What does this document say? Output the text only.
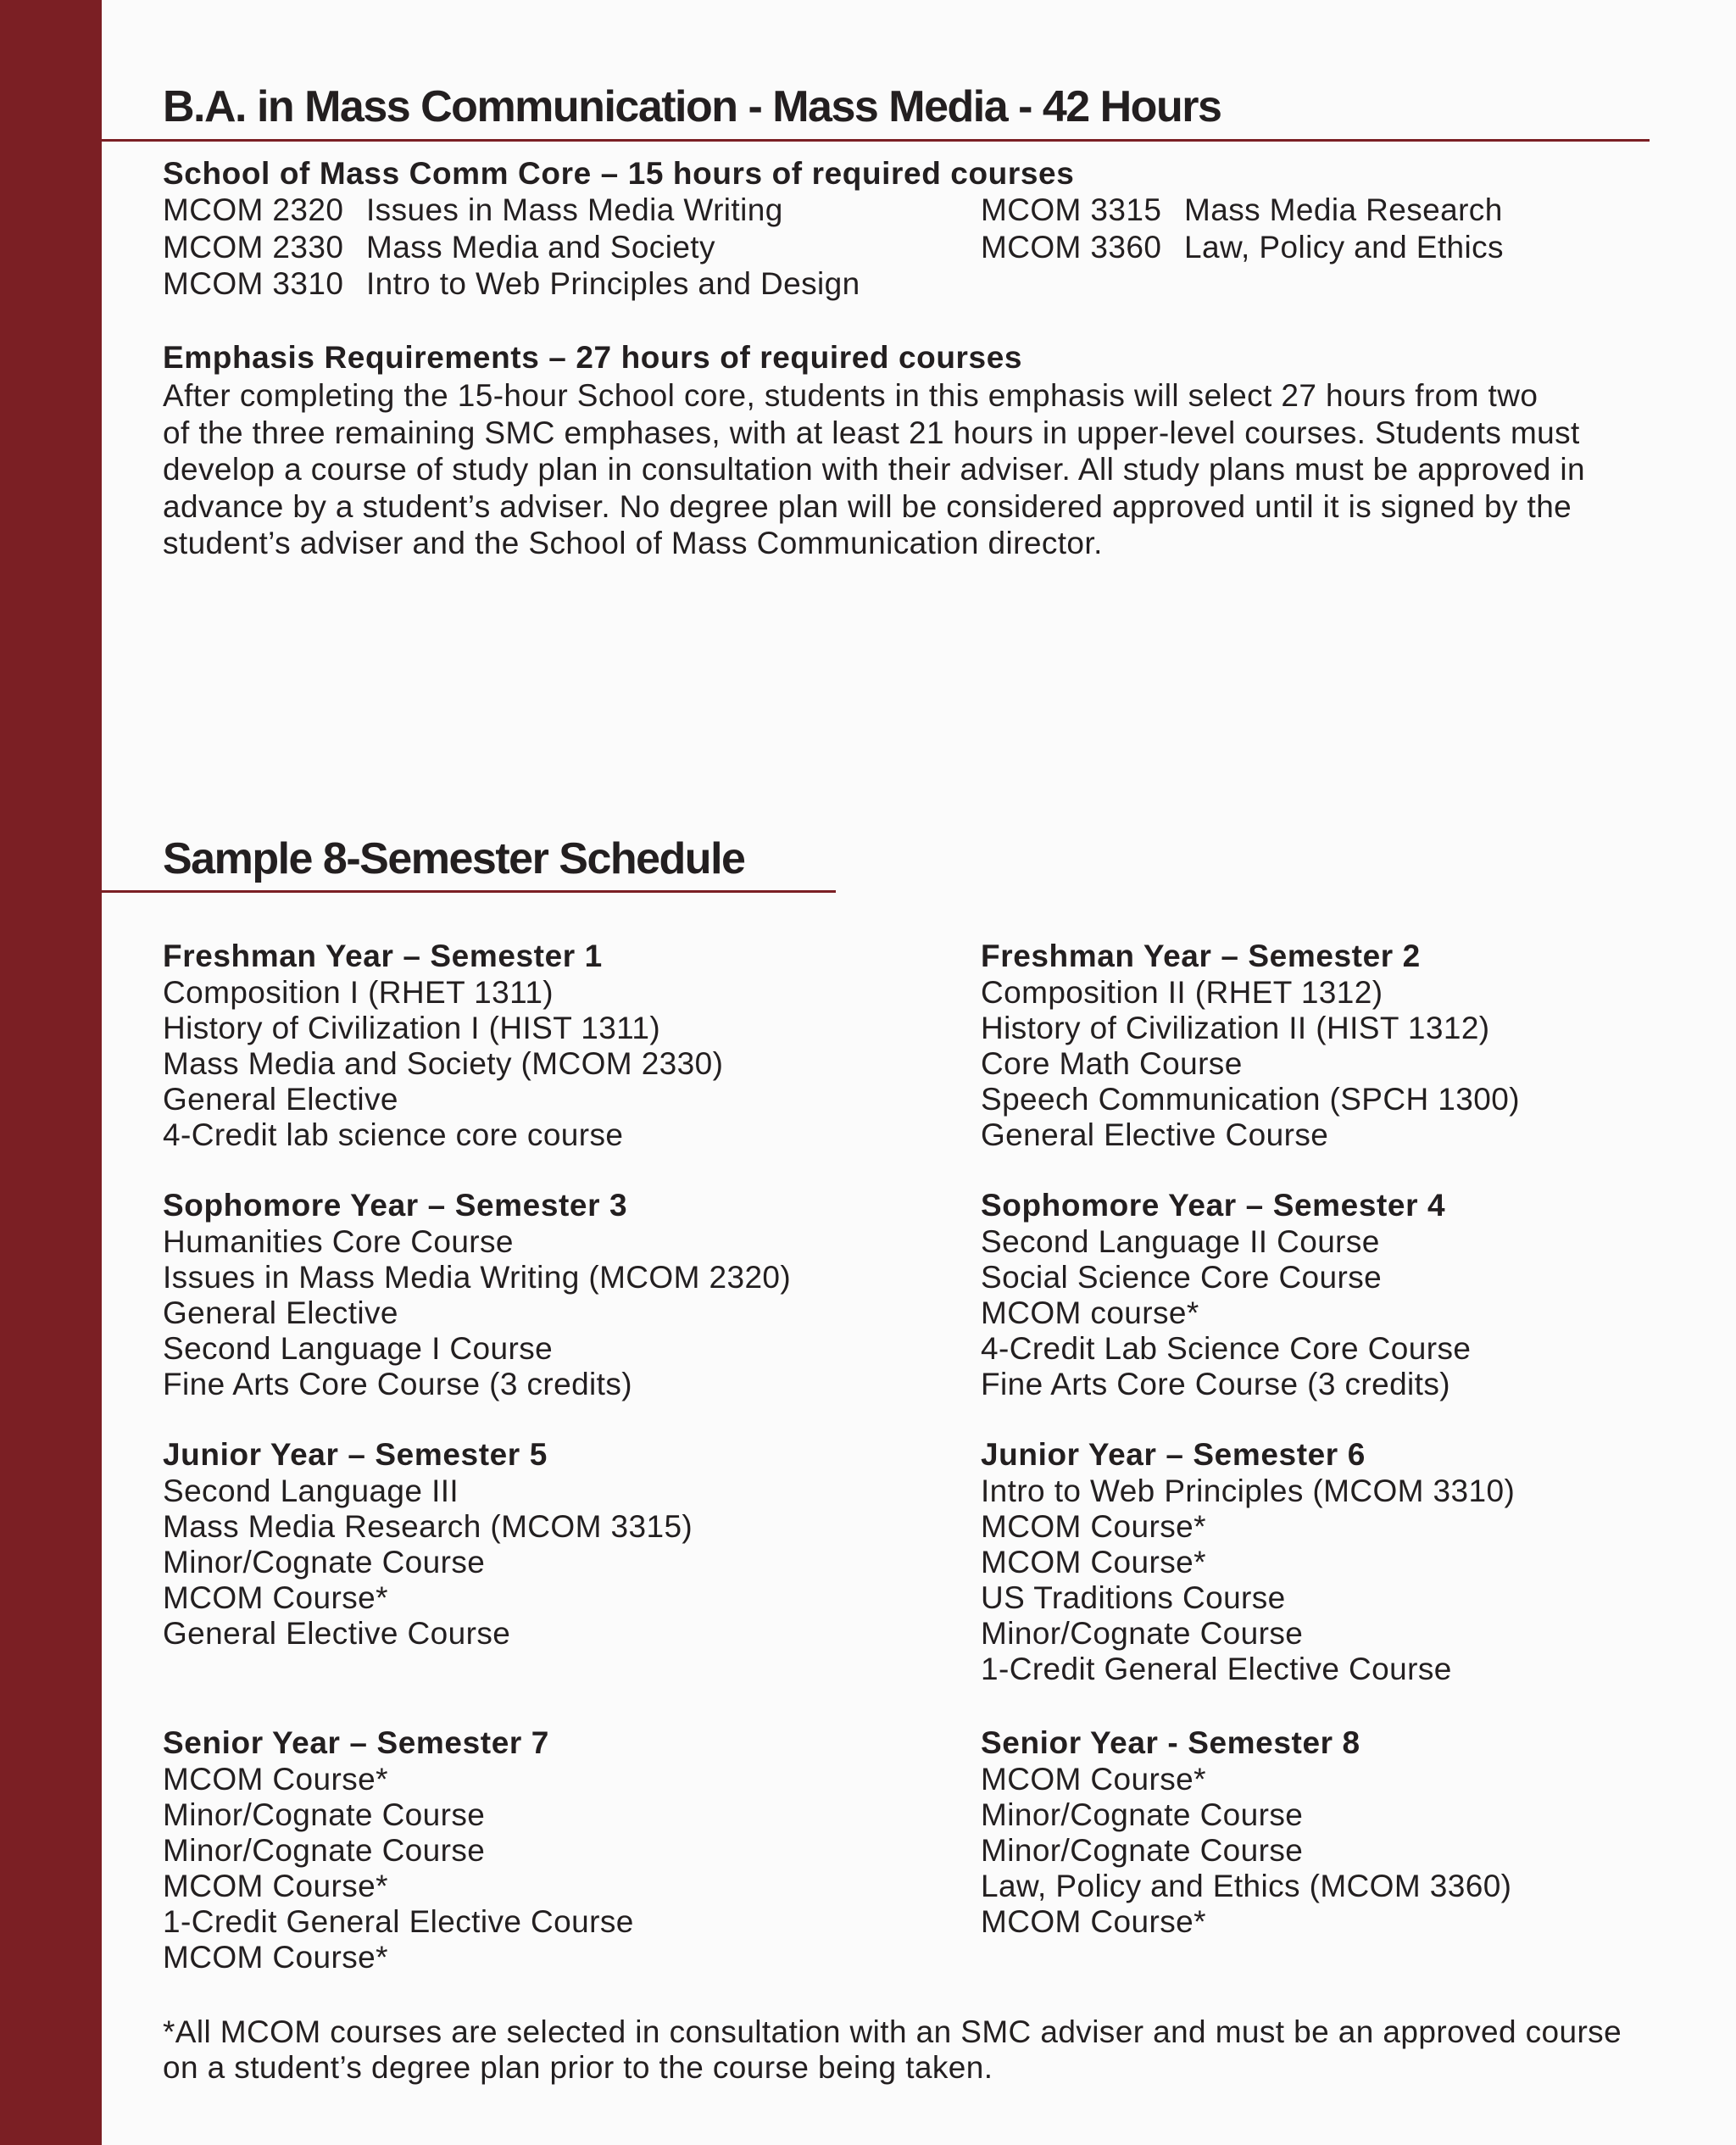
B.A. in Mass Communication - Mass Media - 42 Hours
School of Mass Comm Core – 15 hours of required courses
MCOM 2320 Issues in Mass Media Writing
MCOM 2330 Mass Media and Society
MCOM 3310 Intro to Web Principles and Design
MCOM 3315 Mass Media Research
MCOM 3360 Law, Policy and Ethics
Emphasis Requirements – 27 hours of required courses
After completing the 15-hour School core, students in this emphasis will select 27 hours from two
of the three remaining SMC emphases, with at least 21 hours in upper-level courses. Students must
develop a course of study plan in consultation with their adviser. All study plans must be approved in
advance by a student’s adviser. No degree plan will be considered approved until it is signed by the
student’s adviser and the School of Mass Communication director.
Sample 8-Semester Schedule
Freshman Year – Semester 1
Composition I (RHET 1311)
History of Civilization I (HIST 1311)
Mass Media and Society (MCOM 2330)
General Elective
4-Credit lab science core course
Freshman Year – Semester 2
Composition II (RHET 1312)
History of Civilization II (HIST 1312)
Core Math Course
Speech Communication (SPCH 1300)
General Elective Course
Sophomore Year – Semester 3
Humanities Core Course
Issues in Mass Media Writing (MCOM 2320)
General Elective
Second Language I Course
Fine Arts Core Course (3 credits)
Sophomore Year – Semester 4
Second Language II Course
Social Science Core Course
MCOM course*
4-Credit Lab Science Core Course
Fine Arts Core Course (3 credits)
Junior Year – Semester 5
Second Language III
Mass Media Research (MCOM 3315)
Minor/Cognate Course
MCOM Course*
General Elective Course
Junior Year – Semester 6
Intro to Web Principles (MCOM 3310)
MCOM Course*
MCOM Course*
US Traditions Course
Minor/Cognate Course
1-Credit General Elective Course
Senior Year – Semester 7
MCOM Course*
Minor/Cognate Course
Minor/Cognate Course
MCOM Course*
1-Credit General Elective Course
MCOM Course*
Senior Year - Semester 8
MCOM Course*
Minor/Cognate Course
Minor/Cognate Course
Law, Policy and Ethics (MCOM 3360)
MCOM Course*
*All MCOM courses are selected in consultation with an SMC adviser and must be an approved course
on a student’s degree plan prior to the course being taken.
